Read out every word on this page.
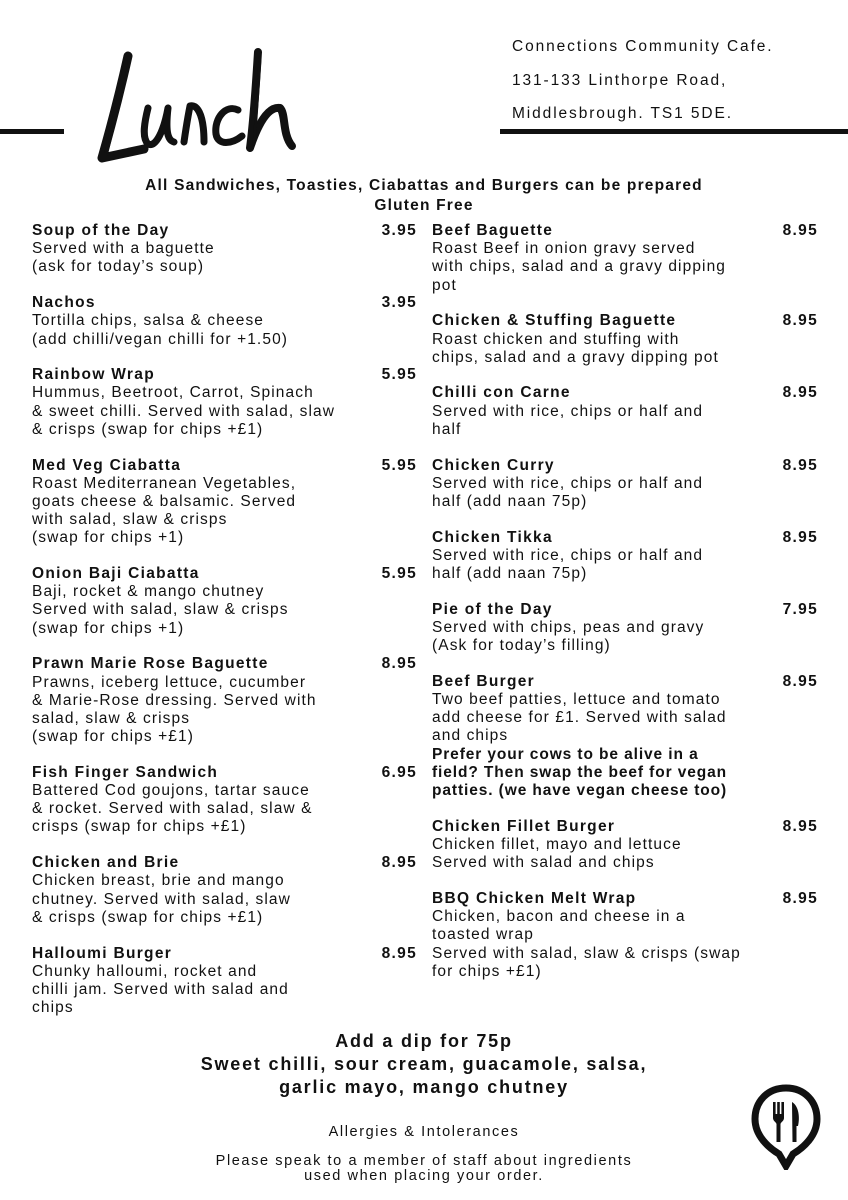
Connections Community Cafe.
131-133 Linthorpe Road,
Middlesbrough. TS1 5DE.
All Sandwiches, Toasties, Ciabattas and Burgers can be prepared
Gluten Free
Soup of the Day	3.95
Served with a baguette
(ask for today’s soup)
Nachos	3.95
Tortilla chips, salsa & cheese
(add chilli/vegan chilli for +1.50)
Rainbow Wrap	5.95
Hummus, Beetroot, Carrot, Spinach
& sweet chilli. Served with salad, slaw
& crisps (swap for chips +£1)
Med Veg Ciabatta	5.95
Roast Mediterranean Vegetables,
goats cheese & balsamic. Served
with salad, slaw & crisps
(swap for chips +1)
Onion Baji Ciabatta	5.95
Baji, rocket & mango chutney
Served with salad, slaw & crisps
(swap for chips +1)
Prawn Marie Rose Baguette	8.95
Prawns, iceberg lettuce, cucumber
& Marie-Rose dressing. Served with
salad, slaw & crisps
(swap for chips +£1)
Fish Finger Sandwich	6.95
Battered Cod goujons, tartar sauce
& rocket. Served with salad, slaw &
crisps (swap for chips +£1)
Chicken and Brie	8.95
Chicken breast, brie and mango
chutney. Served with salad, slaw
& crisps (swap for chips +£1)
Halloumi Burger	8.95
Chunky halloumi, rocket and
chilli jam. Served with salad and
chips
Beef Baguette	8.95
Roast Beef in onion gravy served
with chips, salad and a gravy dipping
pot
Chicken & Stuffing Baguette	8.95
Roast chicken and stuffing with
chips, salad and a gravy dipping pot
Chilli con Carne	8.95
Served with rice, chips or half and
half
Chicken Curry	8.95
Served with rice, chips or half and
half (add naan 75p)
Chicken Tikka	8.95
Served with rice, chips or half and
half (add naan 75p)
Pie of the Day	7.95
Served with chips, peas and gravy
(Ask for today’s filling)
Beef Burger	8.95
Two beef patties, lettuce and tomato
add cheese for £1. Served with salad
and chips
Prefer your cows to be alive in a
field? Then swap the beef for vegan
patties. (we have vegan cheese too)
Chicken Fillet Burger	8.95
Chicken fillet, mayo and lettuce
Served with salad and chips
BBQ Chicken Melt Wrap	8.95
Chicken, bacon and cheese in a
toasted wrap
Served with salad, slaw & crisps (swap
for chips +£1)
Add a dip for 75p
Sweet chilli, sour cream, guacamole, salsa,
garlic mayo, mango chutney
Allergies & Intolerances
Please speak to a member of staff about ingredients
used when placing your order.
